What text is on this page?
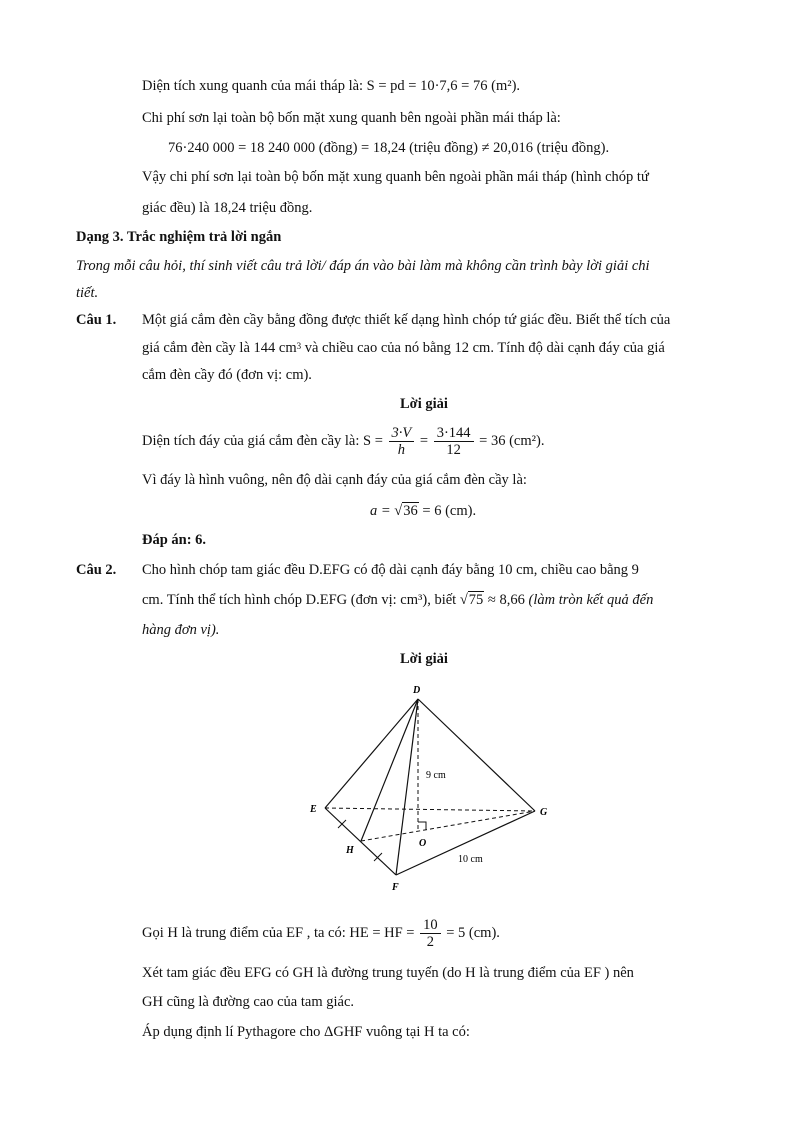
Diện tích xung quanh của mái tháp là: S = pd = 10·7,6 = 76 (m²).
Chi phí sơn lại toàn bộ bốn mặt xung quanh bên ngoài phần mái tháp là:
76·240 000 = 18 240 000 (đồng) = 18,24 (triệu đồng) ≠ 20,016 (triệu đồng).
Vậy chi phí sơn lại toàn bộ bốn mặt xung quanh bên ngoài phần mái tháp (hình chóp tứ
giác đều) là 18,24 triệu đồng.
Dạng 3. Trắc nghiệm trả lời ngắn
Trong mỗi câu hỏi, thí sinh viết câu trả lời/ đáp án vào bài làm mà không cần trình bày lời giải chi
tiết.
Câu 1. Một giá cắm đèn cầy bằng đồng được thiết kế dạng hình chóp tứ giác đều. Biết thể tích của
giá cắm đèn cầy là 144 $cm^3$ và chiều cao của nó bằng 12 cm. Tính độ dài cạnh đáy của giá
cắm đèn cầy đó (đơn vị: cm).
Lời giải
Diện tích đáy của giá cắm đèn cầy là: $S = \frac{3\cdot V}{h} = \frac{3\cdot 144}{12} = 36$ (cm²).
Vì đáy là hình vuông, nên độ dài cạnh đáy của giá cắm đèn cầy là:
a = √36 = 6 (cm).
Đáp án: 6.
Câu 2. Cho hình chóp tam giác đều D.EFG có độ dài cạnh đáy bằng 10 cm, chiều cao bằng 9
cm. Tính thể tích hình chóp D.EFG (đơn vị: cm³), biết √75 ≈ 8,66 (làm tròn kết quả đến
hàng đơn vị).
Lời giải
D
E	G
O
H
F
9 cm
10 cm
Gọi H là trung điểm của EF , ta có: HE = HF = $\frac{10}{2} = 5$ (cm).
Xét tam giác đều EFG có GH là đường trung tuyến (do H là trung điểm của EF ) nên
GH cũng là đường cao của tam giác.
Áp dụng định lí Pythagore cho ΔGHF vuông tại H ta có:
